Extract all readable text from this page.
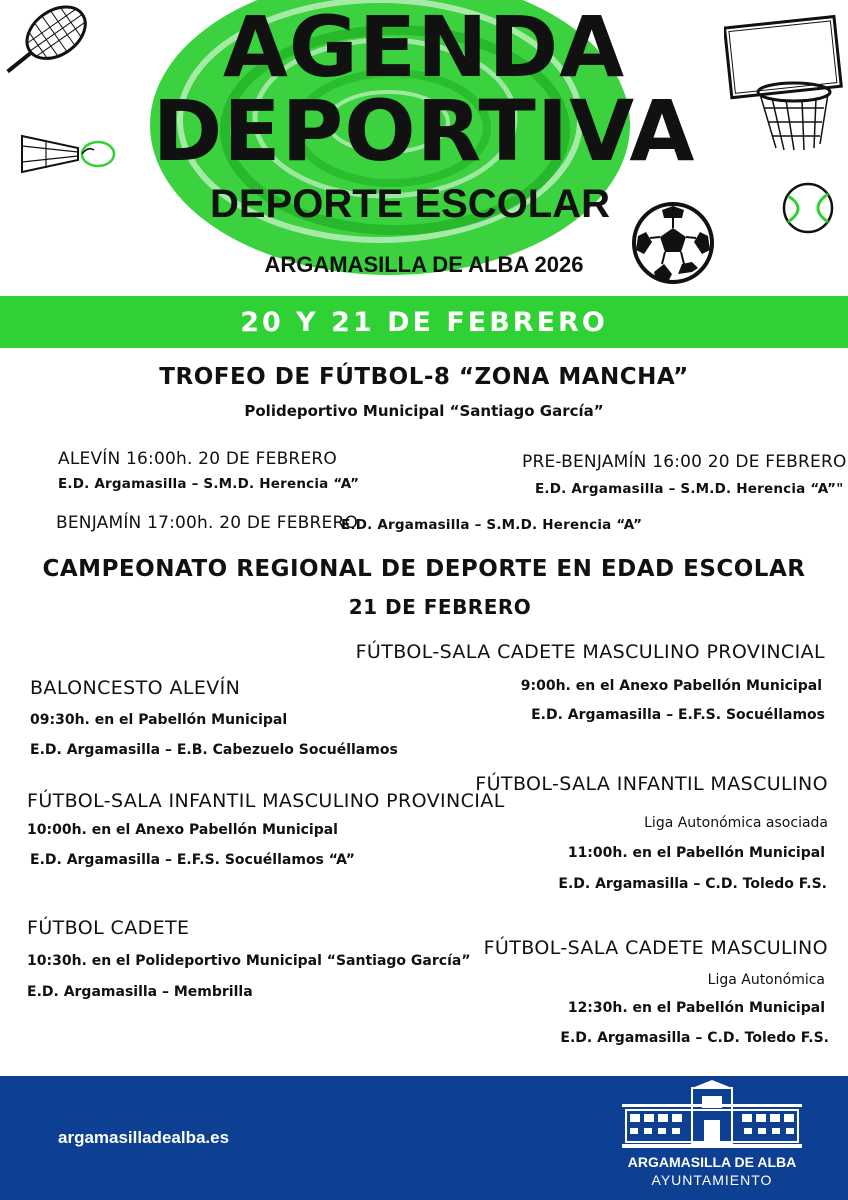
AGENDA
DEPORTIVA
DEPORTE ESCOLAR
ARGAMASILLA DE ALBA 2026
20 Y 21 DE FEBRERO
TROFEO DE FÚTBOL-8 “ZONA MANCHA”
Polideportivo Municipal “Santiago García”
ALEVÍN 16:00h. 20 DE FEBRERO
E.D. Argamasilla – S.M.D. Herencia “A”
PRE-BENJAMÍN 16:00 20 DE FEBRERO
E.D. Argamasilla – S.M.D. Herencia “A”"
BENJAMÍN 17:00h. 20 DE FEBRERO
E.D. Argamasilla – S.M.D. Herencia “A”
CAMPEONATO REGIONAL DE DEPORTE EN EDAD ESCOLAR
21 DE FEBRERO
BALONCESTO ALEVÍN
09:30h. en el Pabellón Municipal
E.D. Argamasilla – E.B. Cabezuelo Socuéllamos
FÚTBOL-SALA INFANTIL MASCULINO PROVINCIAL
10:00h. en el Anexo Pabellón Municipal
E.D. Argamasilla – E.F.S. Socuéllamos “A”
FÚTBOL CADETE
10:30h. en el Polideportivo Municipal “Santiago García”
E.D. Argamasilla – Membrilla
FÚTBOL-SALA CADETE MASCULINO PROVINCIAL
9:00h. en el Anexo Pabellón Municipal
E.D. Argamasilla – E.F.S. Socuéllamos
FÚTBOL-SALA INFANTIL MASCULINO
Liga Autonómica asociada
11:00h. en el Pabellón Municipal
E.D. Argamasilla – C.D. Toledo F.S.
FÚTBOL-SALA CADETE MASCULINO
Liga Autonómica
12:30h. en el Pabellón Municipal
E.D. Argamasilla – C.D. Toledo F.S.
argamasilladealba.es
ARGAMASILLA DE ALBA
AYUNTAMIENTO
